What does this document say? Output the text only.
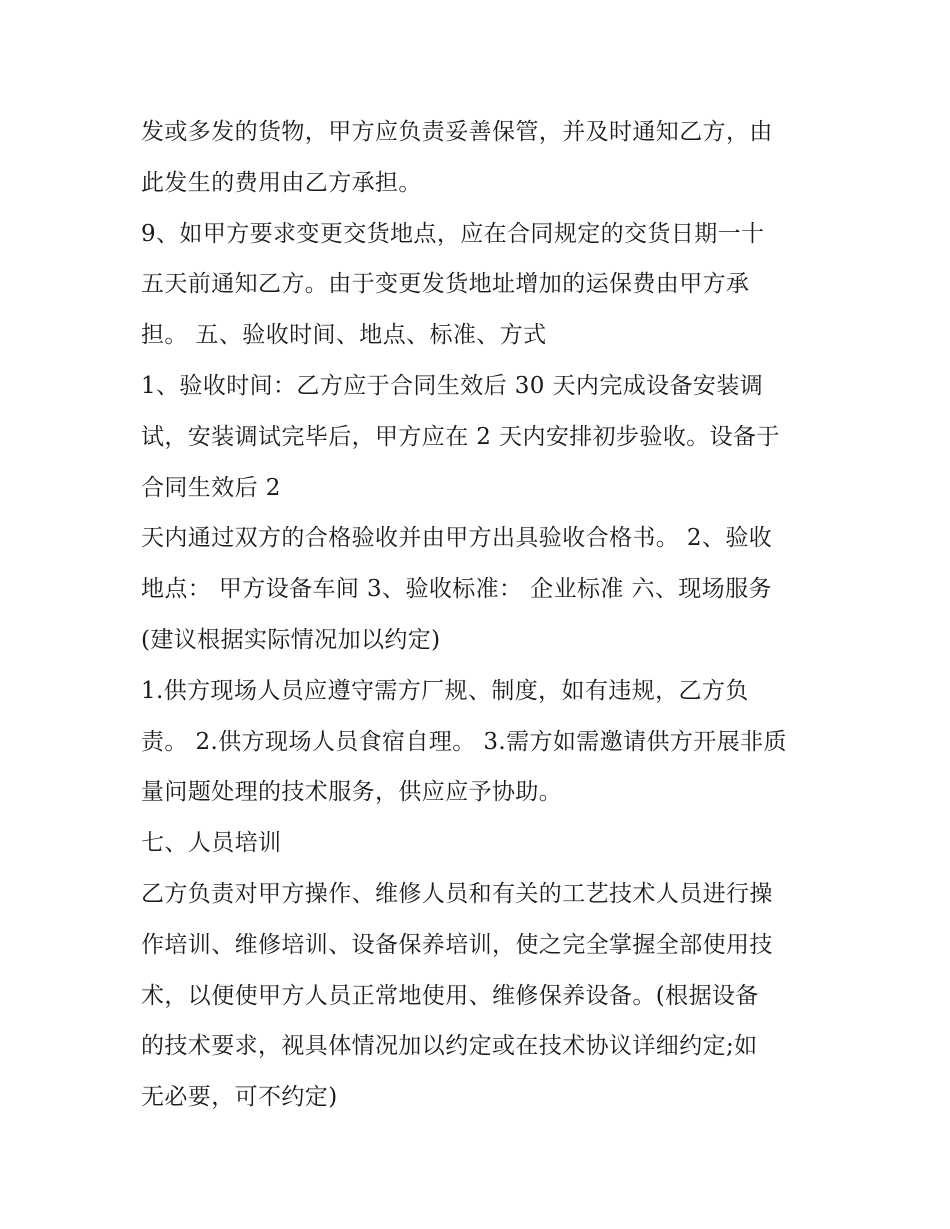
发或多发的货物，甲方应负责妥善保管，并及时通知乙方，由
此发生的费用由乙方承担。
9、如甲方要求变更交货地点，应在合同规定的交货日期一十
五天前通知乙方。由于变更发货地址增加的运保费由甲方承
担。 五、验收时间、地点、标准、方式
1、验收时间：乙方应于合同生效后 30 天内完成设备安装调
试，安装调试完毕后，甲方应在 2 天内安排初步验收。设备于
合同生效后 2
天内通过双方的合格验收并由甲方出具验收合格书。 2、验收
地点： 甲方设备车间 3、验收标准： 企业标准 六、现场服务
(建议根据实际情况加以约定)
1.供方现场人员应遵守需方厂规、制度，如有违规，乙方负
责。 2.供方现场人员食宿自理。 3.需方如需邀请供方开展非质
量问题处理的技术服务，供应应予协助。
七、人员培训
乙方负责对甲方操作、维修人员和有关的工艺技术人员进行操
作培训、维修培训、设备保养培训，使之完全掌握全部使用技
术，以便使甲方人员正常地使用、维修保养设备。(根据设备
的技术要求，视具体情况加以约定或在技术协议详细约定;如
无必要，可不约定)
